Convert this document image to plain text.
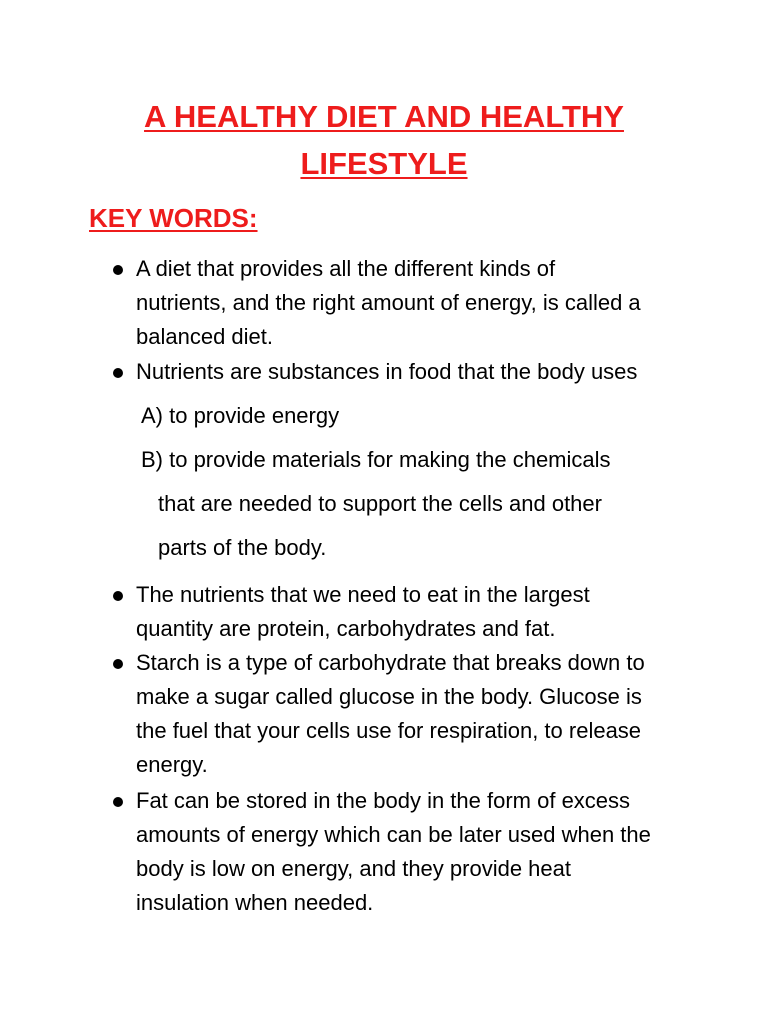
A HEALTHY DIET AND HEALTHY
LIFESTYLE
KEY WORDS:
A diet that provides all the different kinds of
nutrients, and the right amount of energy, is called a
balanced diet.
Nutrients are substances in food that the body uses
A) to provide energy
B) to provide materials for making the chemicals
that are needed to support the cells and other
parts of the body.
The nutrients that we need to eat in the largest
quantity are protein, carbohydrates and fat.
Starch is a type of carbohydrate that breaks down to
make a sugar called glucose in the body. Glucose is
the fuel that your cells use for respiration, to release
energy.
Fat can be stored in the body in the form of excess
amounts of energy which can be later used when the
body is low on energy, and they provide heat
insulation when needed.
